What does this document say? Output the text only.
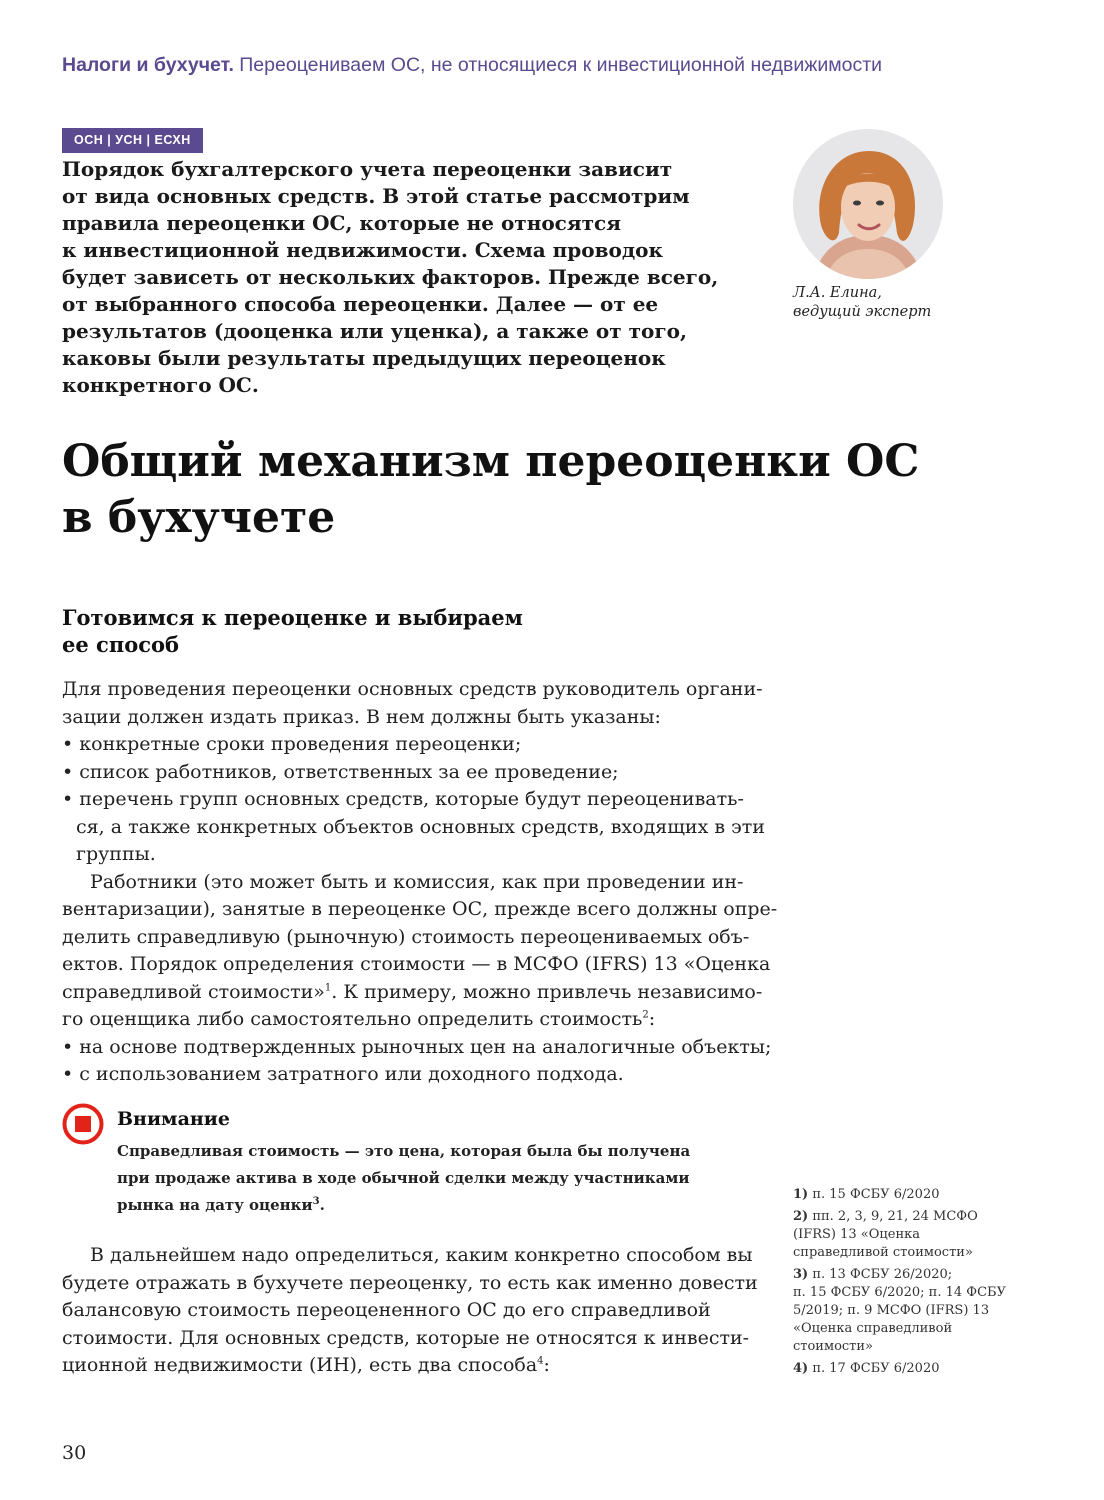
Налоги и бухучет. Переоцениваем ОС, не относящиеся к инвестиционной недвижимости
ОСН | УСН | ЕСХН

Порядок бухгалтерского учета переоценки зависит

от вида основных средств. В этой статье рассмотрим

правила переоценки ОС, которые не относятся

к инвестиционной недвижимости. Схема проводок

будет зависеть от нескольких факторов. Прежде всего,

от выбранного способа переоценки. Далее — от ее

результатов (дооценка или уценка), а также от того,

каковы были результаты предыдущих переоценок

конкретного ОС.

Л.А. Елина,

ведущий эксперт

Общий механизм переоценки ОС

в бухучете

Готовимся к переоценке и выбираем

ее способ

Для проведения переоценки основных средств руководитель органи-

зации должен издать приказ. В нем должны быть указаны:

• конкретные сроки проведения переоценки;

• список работников, ответственных за ее проведение;

• перечень групп основных средств, которые будут переоценивать-

ся, а также конкретных объектов основных средств, входящих в эти

группы.

Работники (это может быть и комиссия, как при проведении ин-

вентаризации), занятые в переоценке ОС, прежде всего должны опре-

делить справедливую (рыночную) стоимость переоцениваемых объ-

ектов. Порядок определения стоимости — в МСФО (IFRS) 13 «Оценка

справедливой стоимости»$^1$. К примеру, можно привлечь независимо-

го оценщика либо самостоятельно определить стоимость$^2$:

• на основе подтвержденных рыночных цен на аналогичные объекты;

• с использованием затратного или доходного подхода.

Внимание

Справедливая стоимость — это цена, которая была бы получена

при продаже актива в ходе обычной сделки между участниками

рынка на дату оценки$^3$.

В дальнейшем надо определиться, каким конкретно способом вы

будете отражать в бухучете переоценку, то есть как именно довести

балансовую стоимость переоцененного ОС до его справедливой

стоимости. Для основных средств, которые не относятся к инвести-

ционной недвижимости (ИН), есть два способа$^4$:

1) п. 15 ФСБУ 6/2020

2) пп. 2, 3, 9, 21, 24 МСФО

(IFRS) 13 «Оценка

справедливой стоимости»

3) п. 13 ФСБУ 26/2020;

п. 15 ФСБУ 6/2020; п. 14 ФСБУ

5/2019; п. 9 МСФО (IFRS) 13

«Оценка справедливой

стоимости»

4) п. 17 ФСБУ 6/2020

30
